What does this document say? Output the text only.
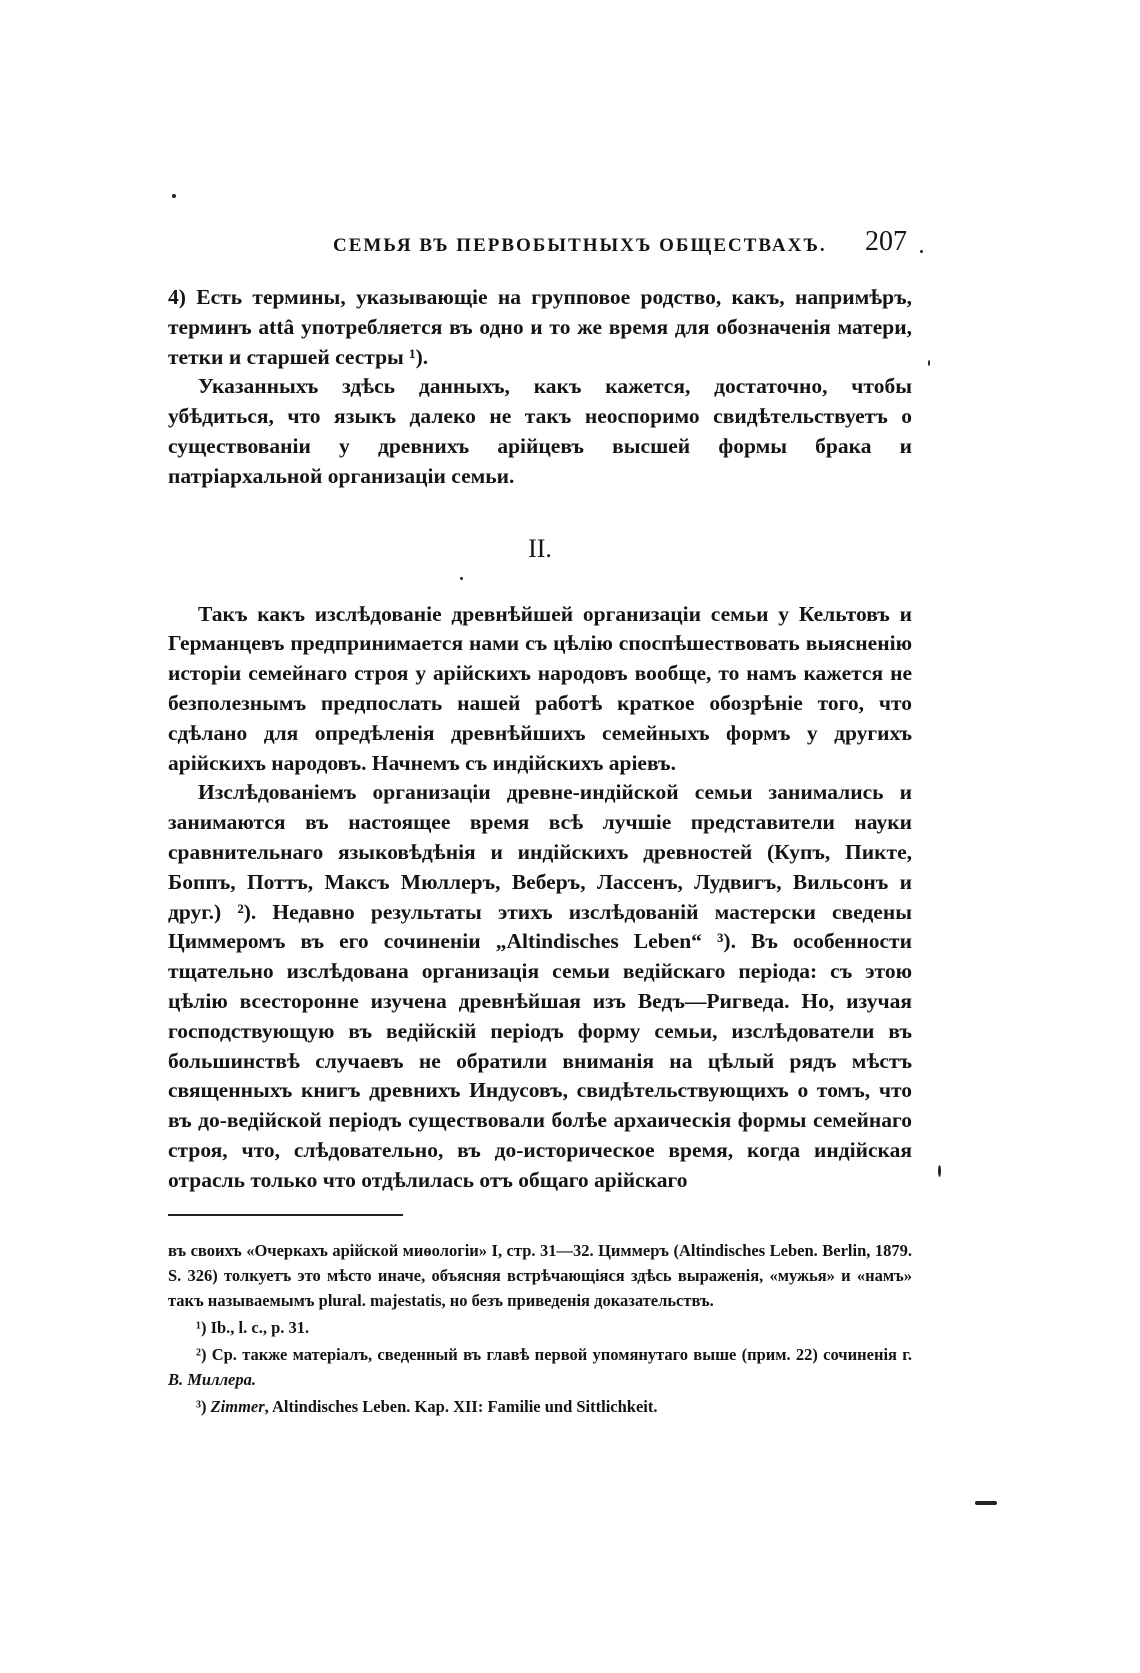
СЕМЬЯ ВЪ ПЕРВОБЫТНЫХЪ ОБЩЕСТВАХЪ. 207

4) Есть термины, указывающіе на групповое родство, какъ, напримѣръ, терминъ attâ употребляется въ одно и то же время для обозначенія матери, тетки и старшей сестры ¹).

Указанныхъ здѣсь данныхъ, какъ кажется, достаточно, чтобы убѣдиться, что языкъ далеко не такъ неоспоримо свидѣтельствуетъ о существованіи у древнихъ арійцевъ высшей формы брака и патріархальной организаціи семьи.

II.

Такъ какъ изслѣдованіе древнѣйшей организаціи семьи у Кельтовъ и Германцевъ предпринимается нами съ цѣлію споспѣшествовать выясненію исторіи семейнаго строя у арійскихъ народовъ вообще, то намъ кажется не безполезнымъ предпослать нашей работѣ краткое обозрѣніе того, что сдѣлано для опредѣленія древнѣйшихъ семейныхъ формъ у другихъ арійскихъ народовъ. Начнемъ съ индійскихъ аріевъ.

Изслѣдованіемъ организаціи древне-индійской семьи занимались и занимаются въ настоящее время всѣ лучшіе представители науки сравнительнаго языковѣдѣнія и индійскихъ древностей (Купъ, Пикте, Боппъ, Поттъ, Максъ Мюллеръ, Веберъ, Лассенъ, Лудвигъ, Вильсонъ и друг.) ²). Недавно результаты этихъ изслѣдованій мастерски сведены Циммеромъ въ его сочиненіи „Altindisches Leben“ ³). Въ особенности тщательно изслѣдована организація семьи ведійскаго періода: съ этою цѣлію всесторонне изучена древнѣйшая изъ Ведъ—Ригведа. Но, изучая господствующую въ ведійскій періодъ форму семьи, изслѣдователи въ большинствѣ случаевъ не обратили вниманія на цѣлый рядъ мѣстъ священныхъ книгъ древнихъ Индусовъ, свидѣтельствующихъ о томъ, что въ до-ведійской періодъ существовали болѣе архаическія формы семейнаго строя, что, слѣдовательно, въ до-историческое время, когда индійская отрасль только что отдѣлилась отъ общаго арійскаго

въ своихъ «Очеркахъ арійской миѳологіи» I, стр. 31—32. Циммеръ (Altindisches Leben. Berlin, 1879. S. 326) толкуетъ это мѣсто иначе, объясняя встрѣчающіяся здѣсь выраженія, «мужья» и «намъ» такъ называемымъ plural. majestatis, но безъ приведенія доказательствъ.

¹) Ib., l. c., p. 31.

²) Ср. также матеріалъ, сведенный въ главѣ первой упомянутаго выше (прим. 22) сочиненія г. В. Миллера.

³) Zimmer, Altindisches Leben. Kap. XII: Familie und Sittlichkeit.
